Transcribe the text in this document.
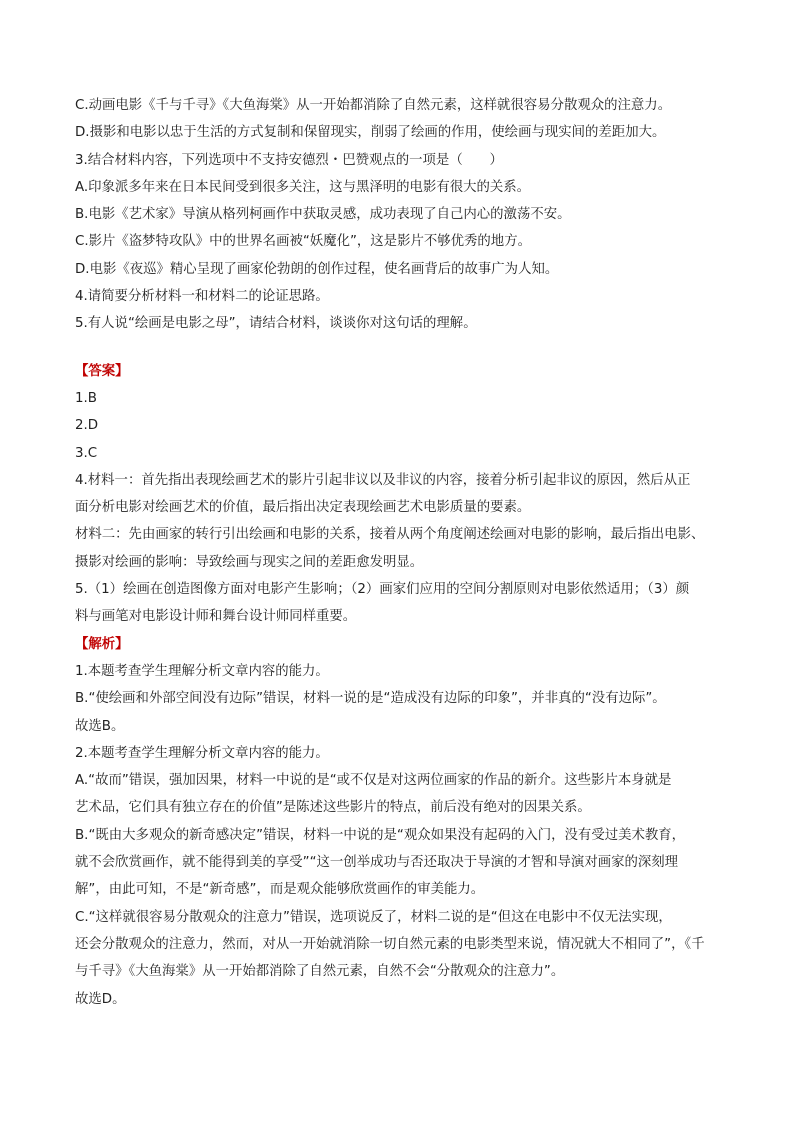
C.动画电影《千与千寻》《大鱼海棠》从一开始都消除了自然元素，这样就很容易分散观众的注意力。
D.摄影和电影以忠于生活的方式复制和保留现实，削弱了绘画的作用，使绘画与现实间的差距加大。
3.结合材料内容，下列选项中不支持安德烈・巴赞观点的一项是（　　）
A.印象派多年来在日本民间受到很多关注，这与黑泽明的电影有很大的关系。
B.电影《艺术家》导演从格列柯画作中获取灵感，成功表现了自己内心的激荡不安。
C.影片《盗梦特攻队》中的世界名画被“妖魔化”，这是影片不够优秀的地方。
D.电影《夜巡》精心呈现了画家伦勃朗的创作过程，使名画背后的故事广为人知。
4.请简要分析材料一和材料二的论证思路。
5.有人说“绘画是电影之母”，请结合材料，谈谈你对这句话的理解。
【答案】
1.B
2.D
3.C
4.材料一：首先指出表现绘画艺术的影片引起非议以及非议的内容，接着分析引起非议的原因，然后从正
面分析电影对绘画艺术的价值，最后指出决定表现绘画艺术电影质量的要素。
材料二：先由画家的转行引出绘画和电影的关系，接着从两个角度阐述绘画对电影的影响，最后指出电影、
摄影对绘画的影响：导致绘画与现实之间的差距愈发明显。
5.（1）绘画在创造图像方面对电影产生影响；（2）画家们应用的空间分割原则对电影依然适用；（3）颜
料与画笔对电影设计师和舞台设计师同样重要。
【解析】
1.本题考查学生理解分析文章内容的能力。
B.“使绘画和外部空间没有边际”错误，材料一说的是“造成没有边际的印象”，并非真的“没有边际”。
故选B。
2.本题考查学生理解分析文章内容的能力。
A.“故而”错误，强加因果，材料一中说的是“或不仅是对这两位画家的作品的新介。这些影片本身就是
艺术品，它们具有独立存在的价值”是陈述这些影片的特点，前后没有绝对的因果关系。
B.“既由大多观众的新奇感决定”错误，材料一中说的是“观众如果没有起码的入门，没有受过美术教育，
就不会欣赏画作，就不能得到美的享受”“这一创举成功与否还取决于导演的才智和导演对画家的深刻理
解”，由此可知，不是“新奇感”，而是观众能够欣赏画作的审美能力。
C.“这样就很容易分散观众的注意力”错误，选项说反了，材料二说的是“但这在电影中不仅无法实现，
还会分散观众的注意力，然而，对从一开始就消除一切自然元素的电影类型来说，情况就大不相同了”，《千
与千寻》《大鱼海棠》从一开始都消除了自然元素，自然不会“分散观众的注意力”。
故选D。
